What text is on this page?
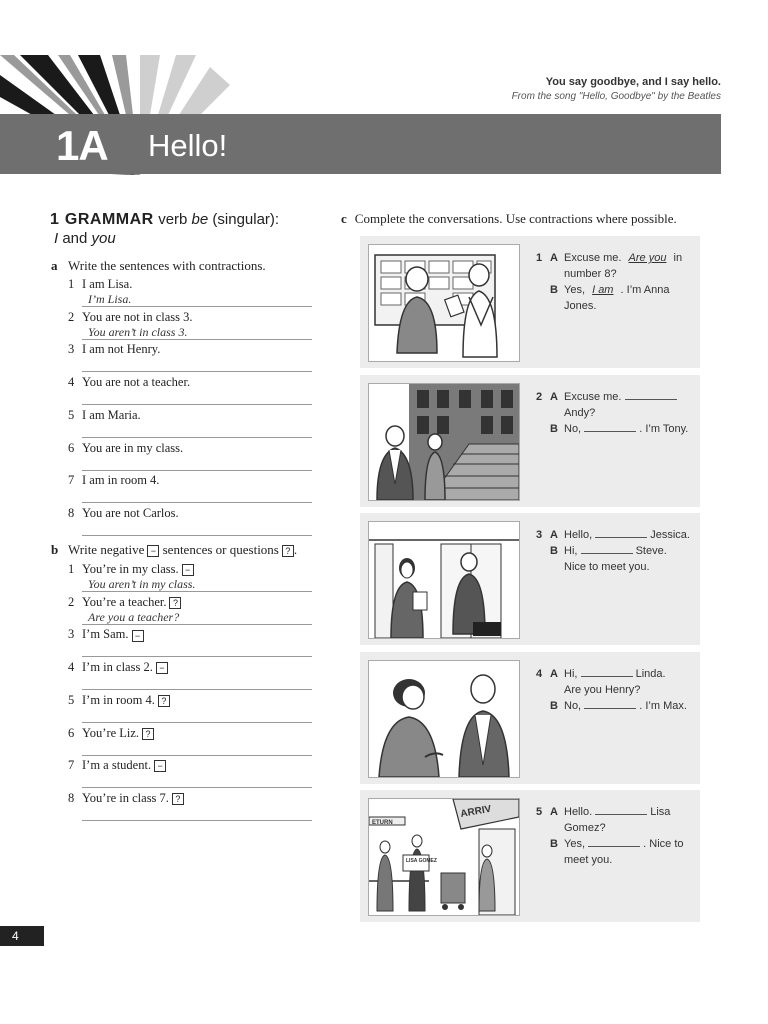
You say goodbye, and I say hello.
From the song "Hello, Goodbye" by the Beatles
1A Hello!
1 GRAMMAR verb be (singular):
I and you
a Write the sentences with contractions.
1 I am Lisa.
I’m Lisa.
2 You are not in class 3.
You aren’t in class 3.
3 I am not Henry.
4 You are not a teacher.
5 I am Maria.
6 You are in my class.
7 I am in room 4.
8 You are not Carlos.
b Write negative − sentences or questions ? .
1 You’re in my class. −
You aren’t in my class.
2 You’re a teacher. ?
Are you a teacher?
3 I’m Sam. −
4 I’m in class 2. −
5 I’m in room 4. ?
6 You’re Liz. ?
7 I’m a student. −
8 You’re in class 7. ?
c Complete the conversations. Use contractions where possible.
1 A Excuse me. Are you in number 8?
B Yes, I am . I’m Anna Jones.
2 A Excuse me.  Andy?
B No,	. I’m Tony.
3 A Hello,	Jessica.
B Hi,	Steve.
Nice to meet you.
4 A Hi,	Linda.
Are you Henry?
B No,	. I’m Max.
ETURN
ARRIV
LISA GOMEZ
5 A Hello.	Lisa
Gomez?
B Yes,	. Nice to
meet you.
4
